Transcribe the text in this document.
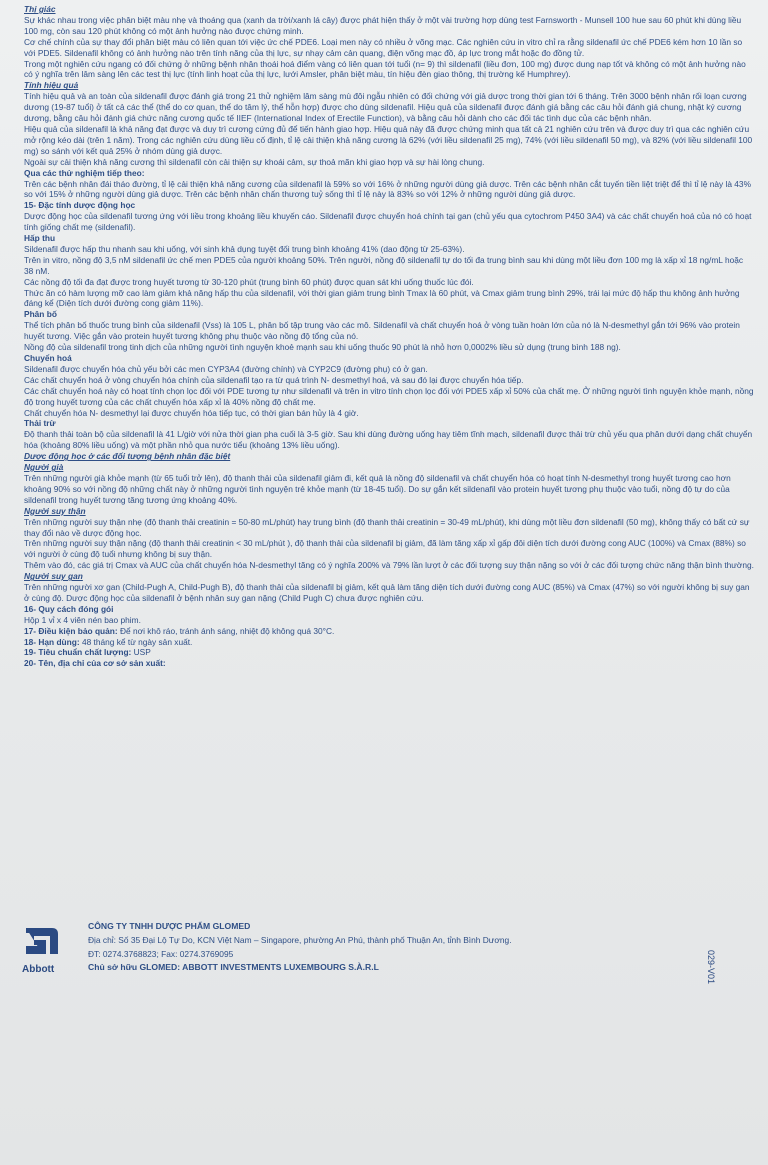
Thị giác

Sự khác nhau trong việc phân biệt màu nhẹ và thoáng qua (xanh da trời/xanh lá cây) được phát hiện thấy ở một vài trường hợp dùng test Farnsworth - Munsell 100 hue sau 60 phút khi dùng liều 100 mg, còn sau 120 phút không có một ảnh hưởng nào được chứng minh.

Cơ chế chính của sự thay đổi phân biệt màu có liên quan tới việc ức chế PDE6. Loại men này có nhiều ở võng mạc. Các nghiên cứu in vitro chỉ ra rằng sildenafil ức chế PDE6 kém hơn 10 lần so với PDE5. Sildenafil không có ảnh hưởng nào trên tính năng của thị lực, sự nhạy cảm cản quang, điện võng mạc đồ, áp lực trong mắt hoặc đo đồng tử.

Trong một nghiên cứu ngang có đối chứng ở những bệnh nhân thoái hoá điểm vàng có liên quan tới tuổi (n= 9) thì sildenafil (liều đơn, 100 mg) được dung nạp tốt và không có một ảnh hưởng nào có ý nghĩa trên lâm sàng lên các test thị lực (tính linh hoạt của thị lực, lưới Amsler, phân biệt màu, tín hiệu đèn giao thông, thị trường kế Humphrey).

Tính hiệu quả

Tính hiệu quả và an toàn của sildenafil được đánh giá trong 21 thử nghiệm lâm sàng mù đôi ngẫu nhiên có đối chứng với giả dược trong thời gian tới 6 tháng. Trên 3000 bệnh nhân rối loạn cương dương (19-87 tuổi) ở tất cả các thể (thể do cơ quan, thể do tâm lý, thể hỗn hợp) được cho dùng sildenafil. Hiệu quả của sildenafil được đánh giá bằng các câu hỏi đánh giá chung, nhật ký cương dương, bằng câu hỏi đánh giá chức năng cương quốc tế IIEF (International Index of Erectile Function), và bằng câu hỏi dành cho các đối tác tình dục của các bệnh nhân.

Hiệu quả của sildenafil là khả năng đạt được và duy trì cương cứng đủ để tiến hành giao hợp. Hiệu quả này đã được chứng minh qua tất cả 21 nghiên cứu trên và được duy trì qua các nghiên cứu mở rộng kéo dài (trên 1 năm). Trong các nghiên cứu dùng liều cố định, tỉ lệ cải thiện khả năng cương là 62% (với liều sildenafil 25 mg), 74% (với liều sildenafil 50 mg), và 82% (với liều sildenafil 100 mg) so sánh với kết quả 25% ở nhóm dùng giả dược.

Ngoài sự cải thiện khả năng cương thì sildenafil còn cải thiện sự khoái cảm, sự thoả mãn khi giao hợp và sự hài lòng chung.

Qua các thử nghiệm tiếp theo:

Trên các bệnh nhân đái tháo đường, tỉ lệ cải thiện khả năng cương của sildenafil là 59% so với 16% ở những người dùng giả dược. Trên các bệnh nhân cắt tuyến tiền liệt triệt để thì tỉ lệ này là 43% so với 15% ở những người dùng giả dược. Trên các bệnh nhân chấn thương tuỷ sống thì tỉ lệ này là 83% so với 12% ở những người dùng giả dược.

15- Đặc tính dược động học

Dược động học của sildenafil tương ứng với liều trong khoảng liều khuyến cáo. Sildenafil được chuyển hoá chính tại gan (chủ yếu qua cytochrom P450 3A4) và các chất chuyển hoá của nó có hoạt tính giống chất mẹ (sildenafil).

Hấp thu

Sildenafil được hấp thu nhanh sau khi uống, với sinh khả dụng tuyệt đối trung bình khoảng 41% (dao động từ 25-63%).

Trên in vitro, nồng độ 3,5 nM sildenafil ức chế men PDE5 của người khoảng 50%. Trên người, nồng độ sildenafil tự do tối đa trung bình sau khi dùng một liều đơn 100 mg là xấp xỉ 18 ng/mL hoặc 38 nM.

Các nồng độ tối đa đạt được trong huyết tương từ 30-120 phút (trung bình 60 phút) được quan sát khi uống thuốc lúc đói.

Thức ăn có hàm lượng mỡ cao làm giảm khả năng hấp thu của sildenafil, với thời gian giảm trung bình Tmax là 60 phút, và Cmax giảm trung bình 29%, trái lại mức độ hấp thu không ảnh hưởng đáng kể (Diện tích dưới đường cong giảm 11%).

Phân bố

Thể tích phân bố thuốc trung bình của sildenafil (Vss) là 105 L, phân bố tập trung vào các mô. Sildenafil và chất chuyển hoá ở vòng tuần hoàn lớn của nó là N-desmethyl gắn tới 96% vào protein huyết tương. Việc gắn vào protein huyết tương không phụ thuộc vào nồng độ tổng của nó.

Nồng độ của sildenafil trong tinh dịch của những người tình nguyện khoẻ mạnh sau khi uống thuốc 90 phút là nhỏ hơn 0,0002% liều sử dụng (trung bình 188 ng).

Chuyển hoá

Sildenafil được chuyển hóa chủ yếu bởi các men CYP3A4 (đường chính) và CYP2C9 (đường phụ) có ở gan.

Các chất chuyển hoá ở vòng chuyển hóa chính của sildenafil tạo ra từ quá trình N- desmethyl hoá, và sau đó lại được chuyển hóa tiếp.

Các chất chuyển hoá này có hoạt tính chọn lọc đối với PDE tương tự như sildenafil và trên in vitro tính chọn lọc đối với PDE5 xấp xỉ 50% của chất mẹ. Ở những người tình nguyện khỏe mạnh, nồng độ trong huyết tương của các chất chuyển hóa xấp xỉ là 40% nồng độ chất mẹ.

Chất chuyển hóa N- desmethyl lại được chuyển hóa tiếp tục, có thời gian bán hủy là 4 giờ.

Thải trừ

Độ thanh thải toàn bộ của sildenafil là 41 L/giờ với nửa thời gian pha cuối là 3-5 giờ. Sau khi dùng đường uống hay tiêm tĩnh mạch, sildenafil được thải trừ chủ yếu qua phân dưới dạng chất chuyển hóa (khoảng 80% liều uống) và một phần nhỏ qua nước tiểu (khoảng 13% liều uống).

Dược động học ở các đối tượng bệnh nhân đặc biệt

Người già

Trên những người già khỏe mạnh (từ 65 tuổi trở lên), độ thanh thải của sildenafil giảm đi, kết quả là nồng độ sildenafil và chất chuyển hóa có hoạt tính N-desmethyl trong huyết tương cao hơn khoảng 90% so với nồng độ những chất này ở những người tình nguyện trẻ khỏe mạnh (từ 18-45 tuổi). Do sự gắn kết sildenafil vào protein huyết tương phụ thuộc vào tuổi, nồng độ tự do của sildenafil trong huyết tương tăng tương ứng khoảng 40%.

Người suy thận

Trên những người suy thận nhẹ (độ thanh thải creatinin = 50-80 mL/phút) hay trung bình (độ thanh thải creatinin = 30-49 mL/phút), khi dùng một liều đơn sildenafil (50 mg), không thấy có bất cứ sự thay đổi nào về dược động học.

Trên những người suy thận nặng (độ thanh thải creatinin < 30 mL/phút ), độ thanh thải của sildenafil bị giảm, đã làm tăng xấp xỉ gấp đôi diện tích dưới đường cong AUC (100%) và Cmax (88%) so với người ở cùng độ tuổi nhưng không bị suy thận.

Thêm vào đó, các giá trị Cmax và AUC của chất chuyển hóa N-desmethyl tăng có ý nghĩa 200% và 79% lần lượt ở các đối tượng suy thận nặng so với ở các đối tượng chức năng thận bình thường.

Người suy gan

Trên những người xơ gan (Child-Pugh A, Child-Pugh B), độ thanh thải của sildenafil bị giảm, kết quả làm tăng diện tích dưới đường cong AUC (85%) và Cmax (47%) so với người không bị suy gan ở cùng độ. Dược động học của sildenafil ở bệnh nhân suy gan nặng (Child Pugh C) chưa được nghiên cứu.

16- Quy cách đóng gói

Hộp 1 vỉ x 4 viên nén bao phim.

17- Điều kiện bảo quản: Để nơi khô ráo, tránh ánh sáng, nhiệt độ không quá 30°C.

18- Hạn dùng: 48 tháng kể từ ngày sản xuất.

19- Tiêu chuẩn chất lượng: USP

20- Tên, địa chỉ của cơ sở sản xuất:

Abbott
CÔNG TY TNHH DƯỢC PHẨM GLOMED
Địa chỉ: Số 35 Đại Lộ Tự Do, KCN Việt Nam – Singapore, phường An Phú, thành phố Thuận An, tỉnh Bình Dương.
ĐT: 0274.3768823; Fax: 0274.3769095
Chủ sở hữu GLOMED: ABBOTT INVESTMENTS LUXEMBOURG S.À.R.L	029-V01
